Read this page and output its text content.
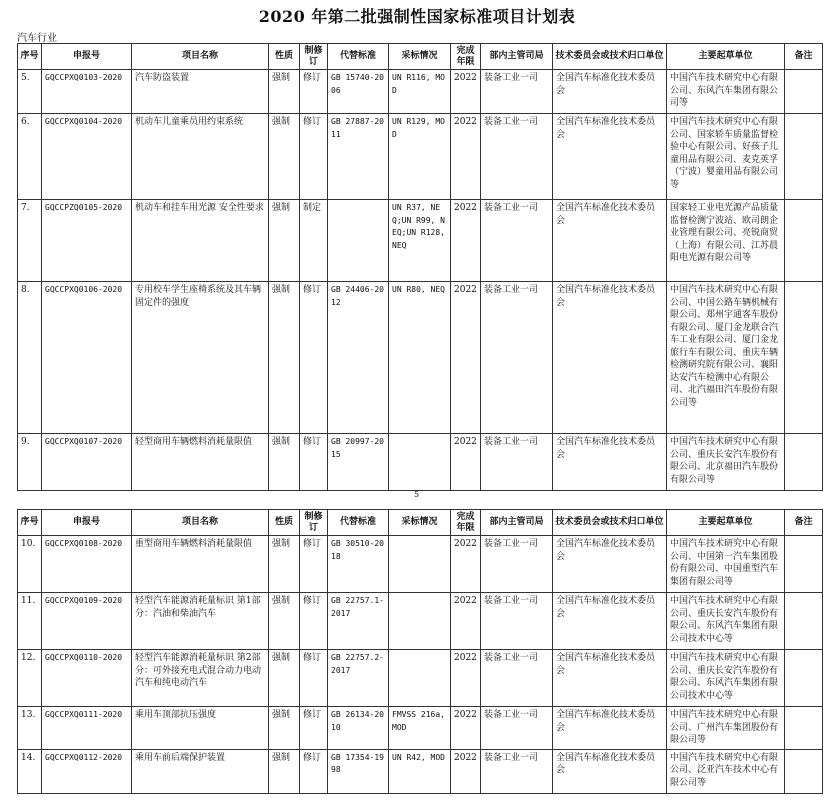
2020 年第二批强制性国家标准项目计划表
汽车行业
序号	申报号	项目名称	性质	制修订	代替标准	采标情况	完成年限	部内主管司局	技术委员会或技术归口单位	主要起草单位	备注
5.	GQCCPXQ0103-2020	汽车防盗装置	强制	修订	GB 15740-2006	UN R116, MOD	2022	装备工业一司	全国汽车标准化技术委员会	中国汽车技术研究中心有限公司、东风汽车集团有限公司等	
6.	GQCCPXQ0104-2020	机动车儿童乘员用约束系统	强制	修订	GB 27887-2011	UN R129, MOD	2022	装备工业一司	全国汽车标准化技术委员会	中国汽车技术研究中心有限公司、国家轿车质量监督检验中心有限公司、好孩子儿童用品有限公司、麦克英孚（宁波）婴童用品有限公司等	
7.	GQCCPZQ0105-2020	机动车和挂车用光源 安全性要求	强制	制定		UN R37, NEQ;UN R99, NEQ;UN R128, NEQ	2022	装备工业一司	全国汽车标准化技术委员会	国家轻工业电光源产品质量监督检测宁波站、欧司朗企业管理有限公司、亮锐商贸（上海）有限公司、江苏晨阳电光源有限公司等	
8.	GQCCPXQ0106-2020	专用校车学生座椅系统及其车辆固定件的强度	强制	修订	GB 24406-2012	UN R80, NEQ	2022	装备工业一司	全国汽车标准化技术委员会	中国汽车技术研究中心有限公司、中国公路车辆机械有限公司、郑州宇通客车股份有限公司、厦门金龙联合汽车工业有限公司、厦门金龙旅行车有限公司、重庆车辆检测研究院有限公司、襄阳达安汽车检测中心有限公司、北汽福田汽车股份有限公司等	
9.	GQCCPXQ0107-2020	轻型商用车辆燃料消耗量限值	强制	修订	GB 20997-2015		2022	装备工业一司	全国汽车标准化技术委员会	中国汽车技术研究中心有限公司、重庆长安汽车股份有限公司、北京福田汽车股份有限公司等	
5
序号	申报号	项目名称	性质	制修订	代替标准	采标情况	完成年限	部内主管司局	技术委员会或技术归口单位	主要起草单位	备注
10.	GQCCPXQ0108-2020	重型商用车辆燃料消耗量限值	强制	修订	GB 30510-2018		2022	装备工业一司	全国汽车标准化技术委员会	中国汽车技术研究中心有限公司、中国第一汽车集团股份有限公司、中国重型汽车集团有限公司等	
11.	GQCCPXQ0109-2020	轻型汽车能源消耗量标识 第1部分：汽油和柴油汽车	强制	修订	GB 22757.1-2017		2022	装备工业一司	全国汽车标准化技术委员会	中国汽车技术研究中心有限公司、重庆长安汽车股份有限公司、东风汽车集团有限公司技术中心等	
12.	GQCCPXQ0110-2020	轻型汽车能源消耗量标识 第2部分：可外接充电式混合动力电动汽车和纯电动汽车	强制	修订	GB 22757.2-2017		2022	装备工业一司	全国汽车标准化技术委员会	中国汽车技术研究中心有限公司、重庆长安汽车股份有限公司、东风汽车集团有限公司技术中心等	
13.	GQCCPXQ0111-2020	乘用车顶部抗压强度	强制	修订	GB 26134-2010	FMVSS 216a, MOD	2022	装备工业一司	全国汽车标准化技术委员会	中国汽车技术研究中心有限公司、广州汽车集团股份有限公司等	
14.	GQCCPXQ0112-2020	乘用车前后端保护装置	强制	修订	GB 17354-1998	UN R42, MOD	2022	装备工业一司	全国汽车标准化技术委员会	中国汽车技术研究中心有限公司、泛亚汽车技术中心有限公司等	
